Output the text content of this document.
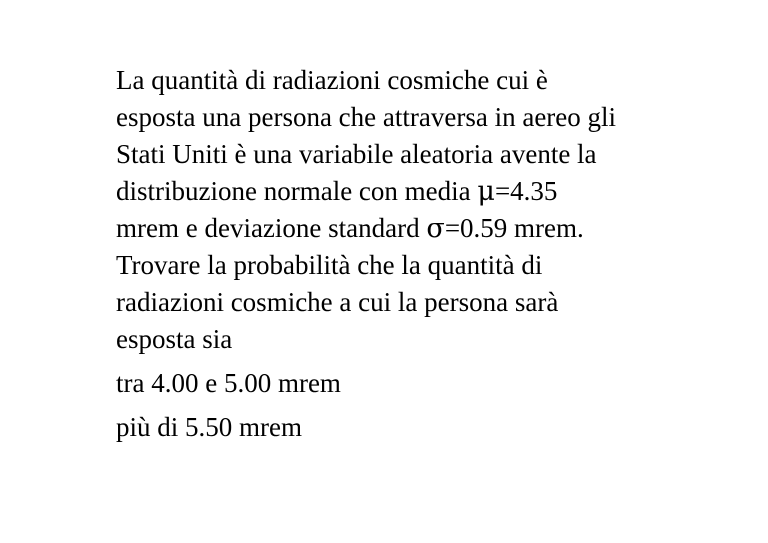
La quantità di radiazioni cosmiche cui è
esposta una persona che attraversa in aereo gli
Stati Uniti è una variabile aleatoria avente la
distribuzione normale con media μ=4.35
mrem e deviazione standard σ=0.59 mrem.
Trovare la probabilità che la quantità di
radiazioni cosmiche a cui la persona sarà
esposta sia
tra 4.00 e 5.00 mrem
più di 5.50 mrem
